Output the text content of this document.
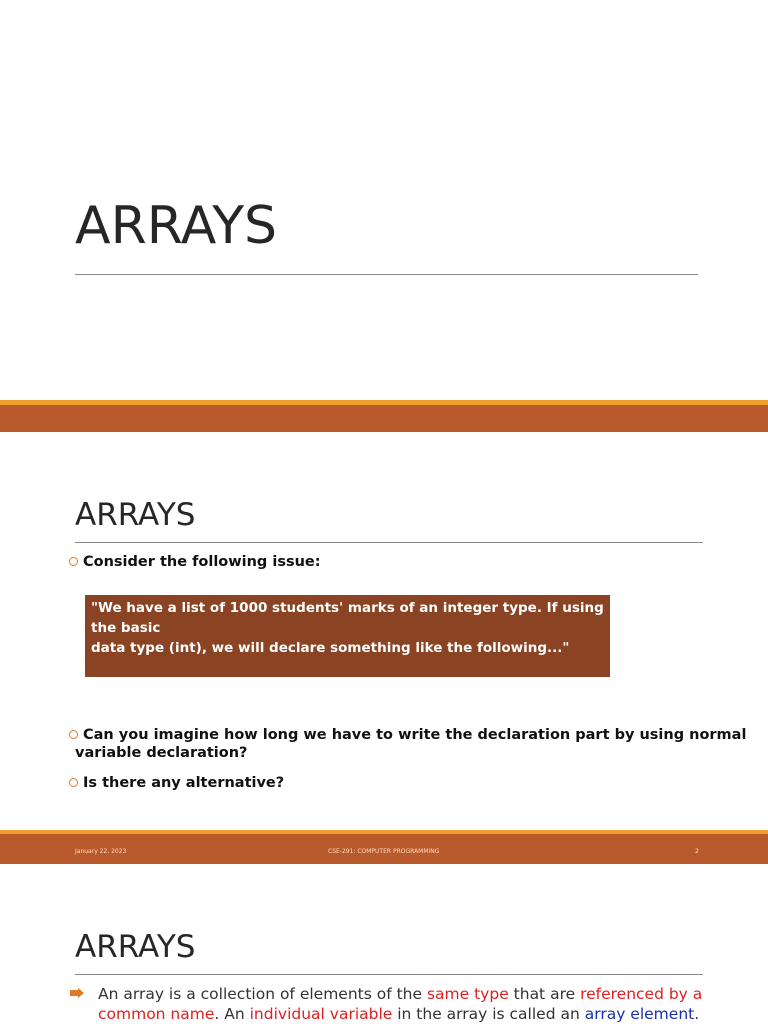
ARRAYS
ARRAYS
Consider the following issue:
"We have a list of 1000 students' marks of an integer type. If using the basic
data type (int), we will declare something like the following..."
int studMark0, studMark1, studMark2, ..., studMark999;
Can you imagine how long we have to write the declaration part by using normal
variable declaration?
Is there any alternative?
January 22, 2023	CSE-291: COMPUTER PROGRAMMING	2
ARRAYS
An array is a collection of elements of the same type that are referenced by a common name. An individual variable in the array is called an array element.
